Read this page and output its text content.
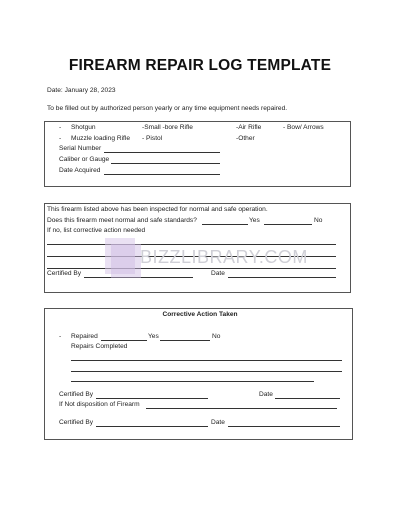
FIREARM REPAIR LOG TEMPLATE
Date: January 28, 2023
To be filled out by authorized person yearly or any time equipment needs repaired.
- Shotgun	-Small -bore Rifle	-Air Rifle	- Bow/ Arrows
- Muzzle loading Rifle - Pistol	-Other
Serial Number
Caliber or Gauge
Date Acquired
This firearm listed above has been inspected for normal and safe operation.
Does this firearm meet normal and safe standards?	Yes	No
If no, list corrective action needed
Certified By	Date
BIZZLIBRARY.COM
Corrective Action Taken
- Repaired	Yes	No
Repairs Completed
Certified By	Date
If Not disposition of Firearm
Certified By	Date
